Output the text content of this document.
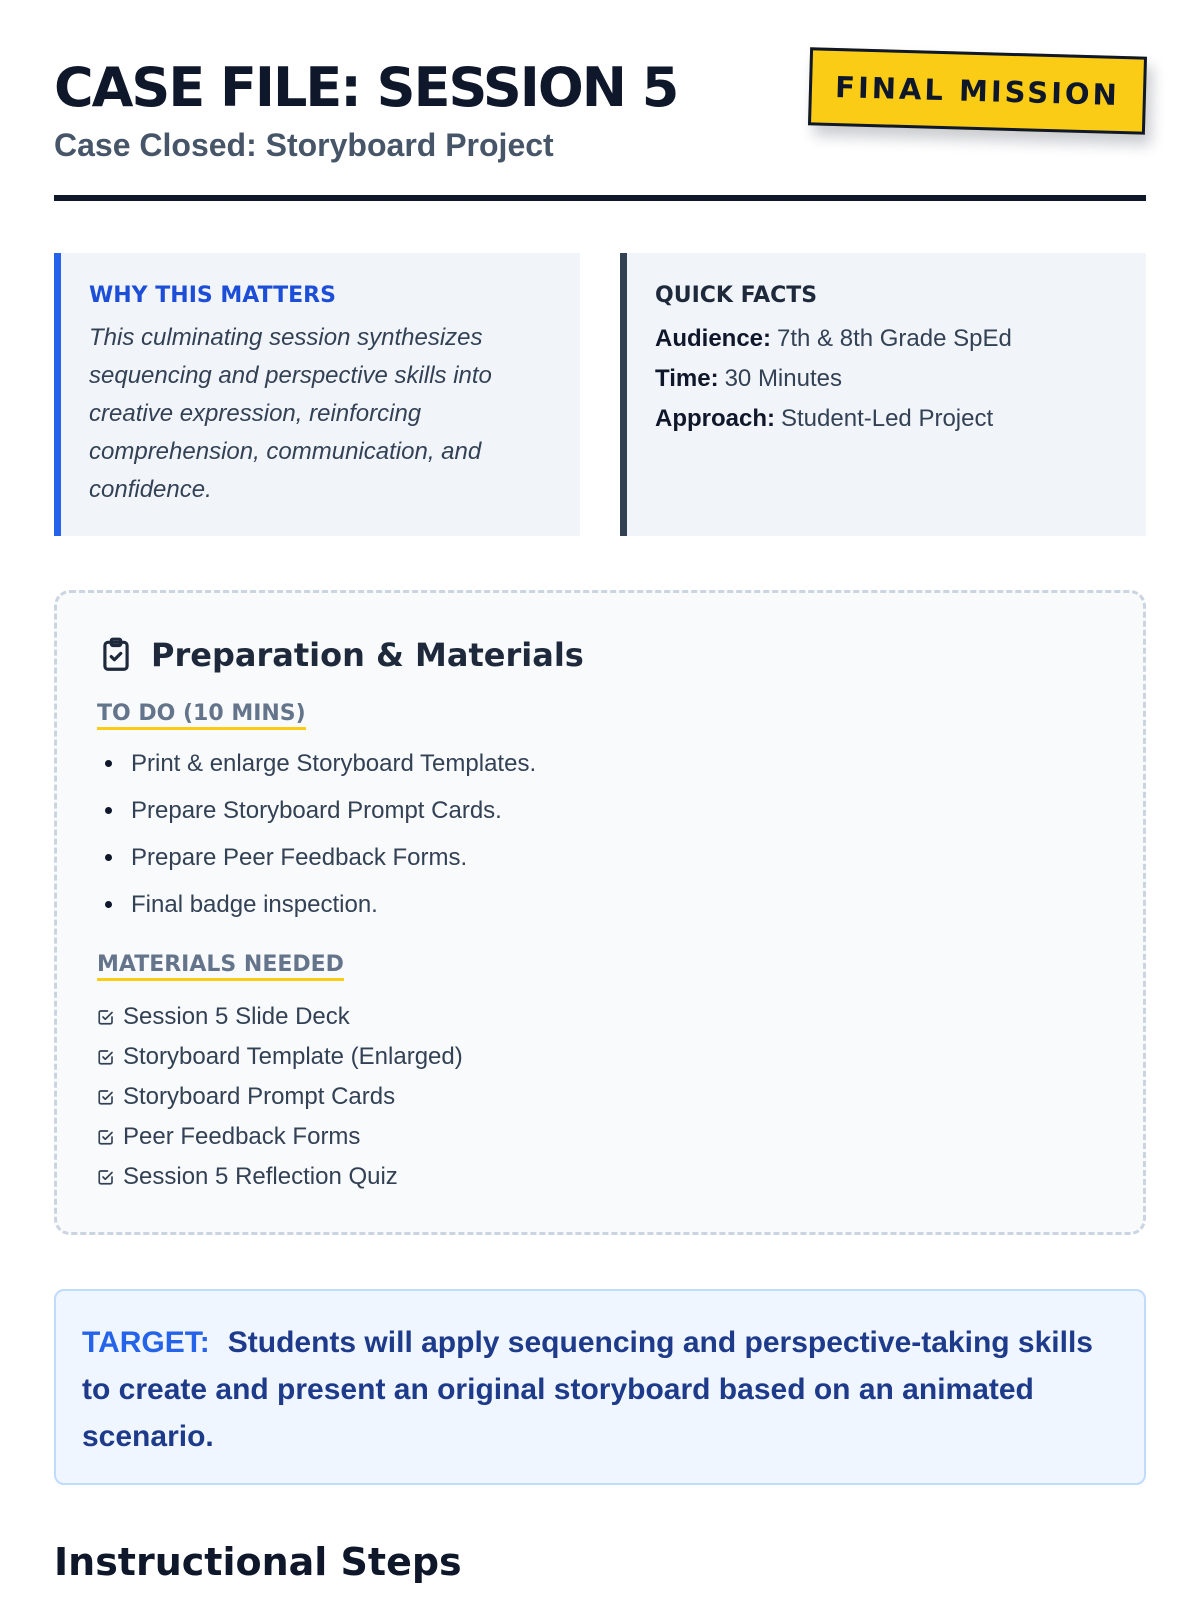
CASE FILE: SESSION 5
Case Closed: Storyboard Project
FINAL MISSION
WHY THIS MATTERS

This culminating session synthesizes sequencing and perspective skills into creative expression, reinforcing comprehension, communication, and confidence.

QUICK FACTS
Audience: 7th & 8th Grade SpEd
Time: 30 Minutes
Approach: Student-Led Project
Preparation & Materials
TO DO (10 MINS)
Print & enlarge Storyboard Templates.
Prepare Storyboard Prompt Cards.
Prepare Peer Feedback Forms.
Final badge inspection.
MATERIALS NEEDED
Session 5 Slide Deck
Storyboard Template (Enlarged)
Storyboard Prompt Cards
Peer Feedback Forms
Session 5 Reflection Quiz
TARGET: Students will apply sequencing and perspective-taking skills to create and present an original storyboard based on an animated scenario.
Instructional Steps
